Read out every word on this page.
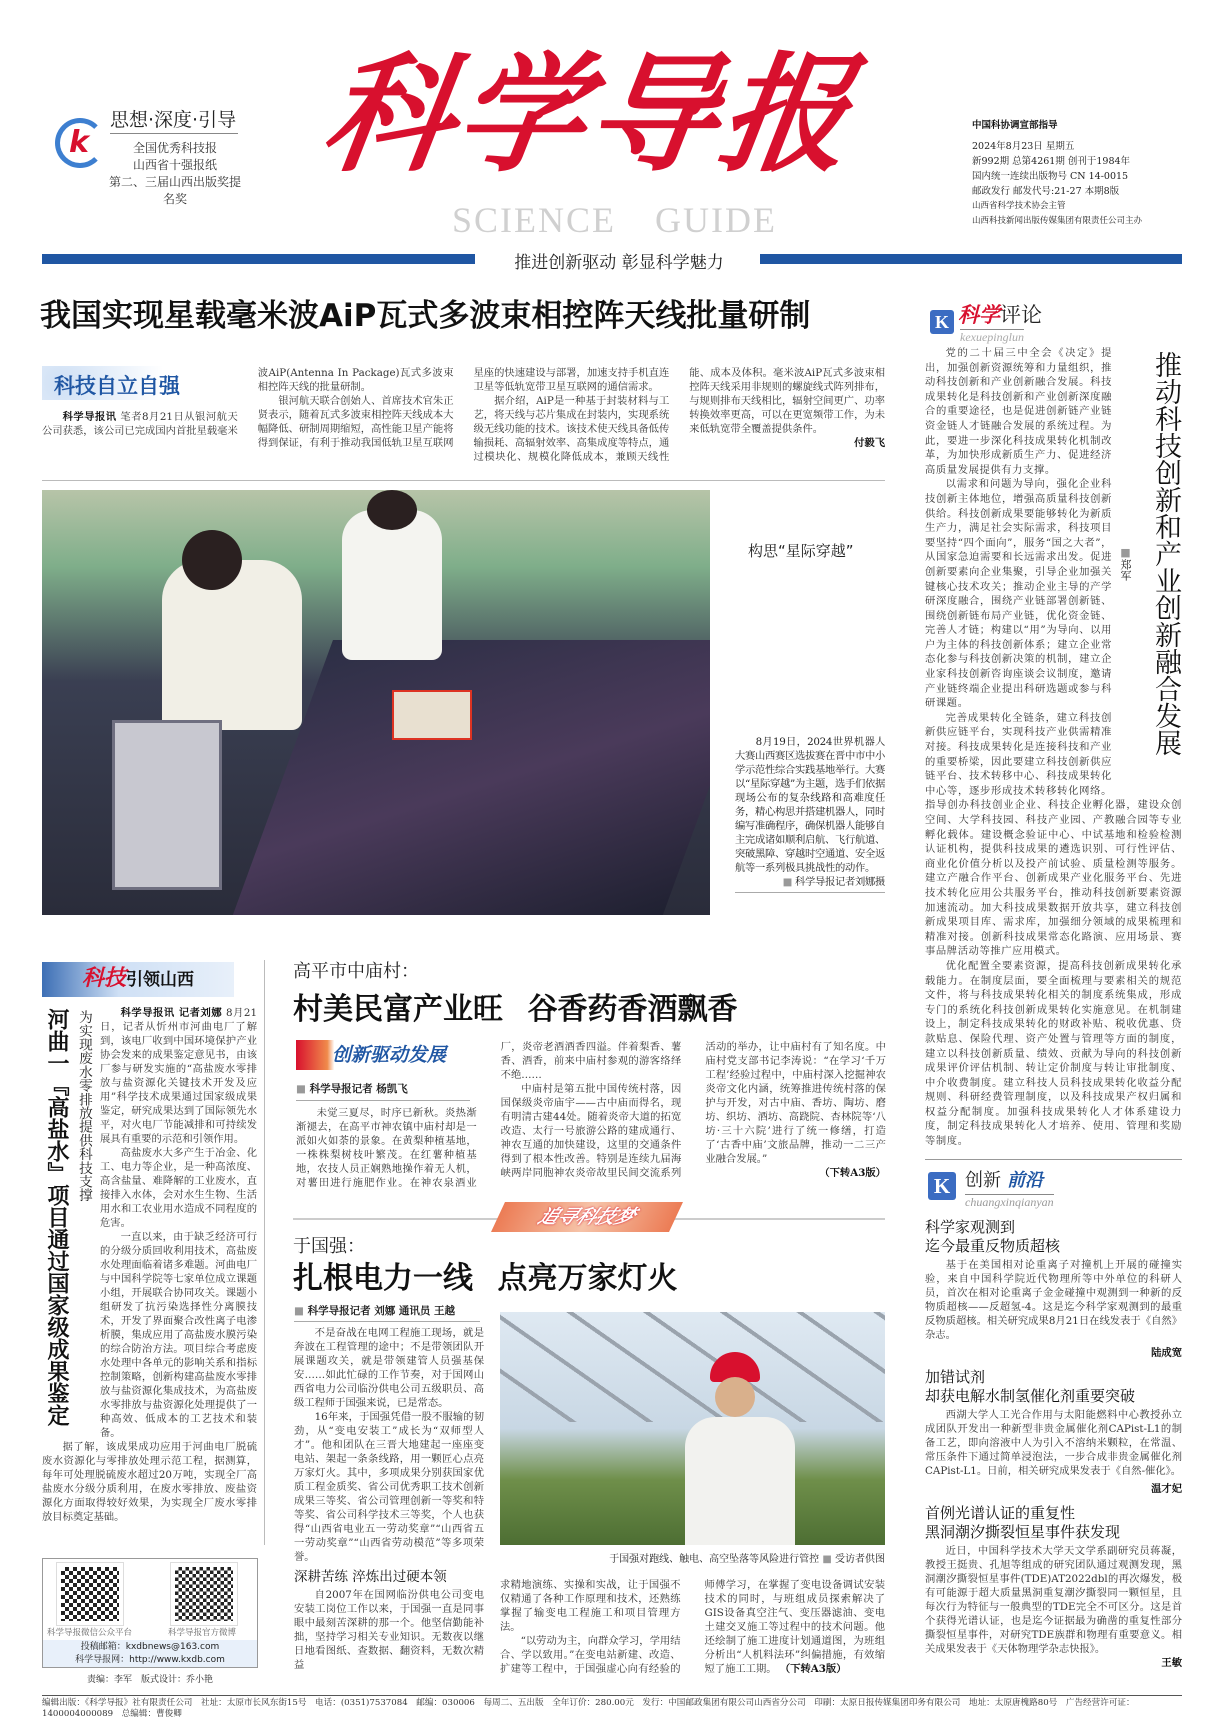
k
思想·深度·引导
全国优秀科技报
山西省十强报纸
第二、三届山西出版奖提名奖
科学导报
SCIENCE GUIDE
中国科协调宣部指导
2024年8月23日 星期五
新992期 总第4261期 创刊于1984年
国内统一连续出版物号 CN 14-0015
邮政发行 邮发代号:21-27 本期8版
山西省科学技术协会主管
山西科技新闻出版传媒集团有限责任公司主办
推进创新驱动 彰显科学魅力
我国实现星载毫米波AiP瓦式多波束相控阵天线批量研制
科技自立自强

科学导报讯 笔者8月21日从银河航天公司获悉，该公司已完成国内首批星载毫米波AiP(Antenna In Package)瓦式多波束相控阵天线的批量研制。

银河航天联合创始人、首席技术官朱正贤表示，随着瓦式多波束相控阵天线成本大幅降低、研制周期缩短，高性能卫星产能将得到保证，有利于推动我国低轨卫星互联网星座的快速建设与部署，加速支持手机直连卫星等低轨宽带卫星互联网的通信需求。

据介绍，AiP是一种基于封装材料与工艺，将天线与芯片集成在封装内，实现系统级无线功能的技术。该技术使天线具备低传输损耗、高辐射效率、高集成度等特点，通过模块化、规模化降低成本，兼顾天线性能、成本及体积。毫米波AiP瓦式多波束相控阵天线采用非规则的螺旋线式阵列排布，与规则排布天线相比，辐射空间更广、功率转换效率更高，可以在更宽频带工作，为未来低轨宽带全覆盖提供条件。

付毅飞
构思“星际穿越”

8月19日，2024世界机器人大赛山西赛区选拔赛在晋中市中小学示范性综合实践基地举行。大赛以“星际穿越”为主题，选手们依据现场公布的复杂线路和高难度任务，精心构思并搭建机器人，同时编写准确程序，确保机器人能够自主完成诸如顺利启航、飞行航道、突破黑障、穿越时空通道、安全返航等一系列极具挑战性的动作。

■ 科学导报记者刘娜摄
K 科学评论
kexuepinglun
推动科技创新和产业创新融合发展
■郑军

党的二十届三中全会《决定》提出，加强创新资源统筹和力量组织，推动科技创新和产业创新融合发展。科技成果转化是科技创新和产业创新深度融合的重要途径，也是促进创新链产业链资金链人才链融合发展的系统过程。为此，要进一步深化科技成果转化机制改革，为加快形成新质生产力、促进经济高质量发展提供有力支撑。

以需求和问题为导向，强化企业科技创新主体地位，增强高质量科技创新供给。科技创新成果要能够转化为新质生产力，满足社会实际需求，科技项目要坚持“四个面向”，服务“国之大者”，从国家急迫需要和长远需求出发。促进创新要素向企业集聚，引导企业加强关键核心技术攻关；推动企业主导的产学研深度融合，围绕产业链部署创新链、围绕创新链布局产业链，优化资金链、完善人才链；构建以“用”为导向、以用户为主体的科技创新体系；建立企业常态化参与科技创新决策的机制，建立企业家科技创新咨询座谈会议制度，邀请产业链终端企业提出科研选题或参与科研课题。

完善成果转化全链条，建立科技创新供应链平台，实现科技产业供需精准对接。科技成果转化是连接科技和产业的重要桥梁，因此要建立科技创新供应链平台、技术转移中心、科技成果转化中心等，逐步形成技术转移转化网络。指导创办科技创业企业、科技企业孵化器，建设众创空间、大学科技园、科技产业园、产教融合园等专业孵化载体。建设概念验证中心、中试基地和检验检测认证机构，提供科技成果的遴选识别、可行性评估、商业化价值分析以及投产前试验、质量检测等服务。建立产融合作平台、创新成果产业化服务平台、先进技术转化应用公共服务平台，推动科技创新要素资源加速流动。加大科技成果数据开放共享，建立科技创新成果项目库、需求库，加强细分领域的成果梳理和精准对接。创新科技成果常态化路演、应用场景、赛事品牌活动等推广应用模式。

优化配置全要素资源，提高科技创新成果转化承载能力。在制度层面，要全面梳理与要素相关的规范文件，将与科技成果转化相关的制度系统集成，形成专门的系统化科技创新成果转化实施意见。在机制建设上，制定科技成果转化的财政补贴、税收优惠、贷款贴息、保险代理、资产处置与管理等方面的制度，建立以科技创新质量、绩效、贡献为导向的科技创新成果评价评估机制、转让定价制度与转让审批制度、中介收费制度。建立科技人员科技成果转化收益分配规则、科研经费管理制度，以及科技成果产权归属和权益分配制度。加强科技成果转化人才体系建设力度，制定科技成果转化人才培养、使用、管理和奖励等制度。

K 创新 前沿
chuangxinqianyan
科学家观测到
迄今最重反物质超核

基于在美国相对论重离子对撞机上开展的碰撞实验，来自中国科学院近代物理所等中外单位的科研人员，首次在相对论重离子金金碰撞中观测到一种新的反物质超核——反超氢-4。这是迄今科学家观测到的最重反物质超核。相关研究成果8月21日在线发表于《自然》杂志。

陆成宽
加错试剂
却获电解水制氢催化剂重要突破

西湖大学人工光合作用与太阳能燃料中心教授孙立成团队开发出一种新型非贵金属催化剂CAPist-L1的制备工艺，即向溶液中人为引入不溶纳米颗粒，在常温、常压条件下通过简单浸泡法，一步合成非贵金属催化剂CAPist-L1。日前，相关研究成果发表于《自然-催化》。

温才妃
首例光谱认证的重复性
黑洞潮汐撕裂恒星事件获发现

近日，中国科学技术大学天文学系副研究员蒋凝，教授王挺贵、孔旭等组成的研究团队通过观测发现，黑洞潮汐撕裂恒星事件(TDE)AT2022dbl的再次爆发，极有可能源于超大质量黑洞重复潮汐撕裂同一颗恒星，且每次行为特征与一般典型的TDE完全不可区分。这是首个获得光谱认证，也是迄今证据最为确凿的重复性部分撕裂恒星事件，对研究TDE族群和物理有重要意义。相关成果发表于《天体物理学杂志快报》。

王敏
科技引领山西
河曲一『高盐水』项目通过国家级成果鉴定 为实现废水零排放提供科技支撑	科学导报讯 记者刘娜 8月21日，记者从忻州市河曲电厂了解到，该电厂收到中国环境保护产业协会发来的成果鉴定意见书，由该厂参与研发实施的“高盐废水零排放与盐资源化关键技术开发及应用”科学技术成果通过国家级成果鉴定，研究成果达到了国际领先水平，对火电厂节能减排和可持续发展具有重要的示范和引领作用。

高盐废水大多产生于冶金、化工、电力等企业，是一种高浓度、高含盐量、难降解的工业废水，直接排入水体，会对水生生物、生活用水和工农业用水造成不同程度的危害。

一直以来，由于缺乏经济可行的分级分质回收利用技术，高盐废水处理面临着诸多难题。河曲电厂与中国科学院等七家单位成立课题小组，开展联合协同攻关。课题小组研发了抗污染选择性分离膜技术，开发了界面聚合改性离子电渗析膜，集成应用了高盐废水膜污染的综合防治方法。项目综合考虑废水处理中各单元的影响关系和指标控制策略，创新构建高盐废水零排放与盐资源化集成技术，为高盐废水零排放与盐资源化处理提供了一种高效、低成本的工艺技术和装备。

据了解，该成果成功应用于河曲电厂脱硫废水资源化与零排放处理示范工程，据测算，每年可处理脱硫废水超过20万吨，实现全厂高盐废水分级分质利用，在废水零排放、废盐资源化方面取得较好效果，为实现全厂废水零排放目标奠定基础。

科学导报微信公众平台	科学导报官方微博
投稿邮箱：kxdbnews@163.com
科学导报网：http://www.kxdb.com
责编：李军　版式设计：乔小艳
高平市中庙村：
村美民富产业旺 谷香药香酒飘香
创新驱动发展
■ 科学导报记者 杨凯飞

未觉三夏尽，时序已新秋。炎热渐渐褪去，在高平市神农镇中庙村却是一派如火如荼的景象。在黄梨种植基地，一株株梨树枝叶繁茂。在红薯种植基地，农技人员正娴熟地操作着无人机，对薯田进行施肥作业。在神农泉酒业厂，炎帝老酒酒香四溢。伴着梨香、薯香、酒香，前来中庙村参观的游客络绎不绝……

中庙村是第五批中国传统村落，因国保级炎帝庙宇——古中庙而得名，现有明清古建44处。随着炎帝大道的拓宽改造、太行一号旅游公路的建成通行、神农互通的加快建设，这里的交通条件得到了根本性改善。特别是连续九届海峡两岸同胞神农炎帝故里民间交流系列活动的举办，让中庙村有了知名度。中庙村党支部书记李涛说：“在学习‘千万工程’经验过程中，中庙村深入挖掘神农炎帝文化内涵，统筹推进传统村落的保护与开发，对古中庙、香坊、陶坊、磨坊、织坊、酒坊、高跷院、杏林院等‘八坊·三十六院’进行了统一修缮，打造了‘古香中庙’文旅品牌，推动一二三产业融合发展。”

（下转A3版）
追寻科技梦
于国强：
扎根电力一线 点亮万家灯火
■ 科学导报记者 刘娜 通讯员 王越

不是奋战在电网工程施工现场，就是奔波在工程管理的途中；不是带领团队开展课题攻关，就是带领建管人员强基保安……如此忙碌的工作节奏，对于国网山西省电力公司临汾供电公司五级职员、高级工程师于国强来说，已是常态。

16年来，于国强凭借一股不服输的韧劲，从“变电安装工”成长为“双师型人才”。他和团队在三晋大地建起一座座变电站、架起一条条线路，用一颗匠心点亮万家灯火。其中，多项成果分别获国家优质工程金质奖、省公司优秀职工技术创新成果三等奖、省公司管理创新一等奖和特等奖、省公司科学技术三等奖，个人也获得“山西省电业五一劳动奖章”“山西省五一劳动奖章”“山西省劳动模范”等多项荣誉。

深耕苦练 淬炼出过硬本领

自2007年在国网临汾供电公司变电安装工岗位工作以来，于国强一直是同事眼中最刻苦深耕的那一个。他坚信勤能补拙，坚持学习相关专业知识。无数夜以继日地看图纸、查数据、翻资料，无数次精益

于国强对跑线、触电、高空坠落等风险进行管控 ■ 受访者供图
求精地演练、实操和实战，让于国强不仅精通了各种工作原理和技术，还熟练掌握了输变电工程施工和项目管理方法。

“以劳动为主，向群众学习，学用结合、学以致用。”在变电站新建、改造、扩建等工程中，于国强虚心向有经验的师傅学习，在掌握了变电设备调试安装技术的同时，与班组成员探索解决了GIS设备真空注气、变压器滤油、变电土建交叉施工等过程中的技术问题。他还绘制了施工进度计划通道图，为班组分析出“人机料法环”纠偏措施，有效缩短了施工工期。 （下转A3版）

编辑出版：《科学导报》社有限责任公司　社址：太原市长风东街15号　电话：(0351)7537084　邮编：030006　每周二、五出版　全年订价：280.00元　发行：中国邮政集团有限公司山西省分公司　印刷：太原日报传媒集团印务有限公司　地址：太原唐槐路80号　广告经营许可证：1400004000089　总编辑：曹俊卿
